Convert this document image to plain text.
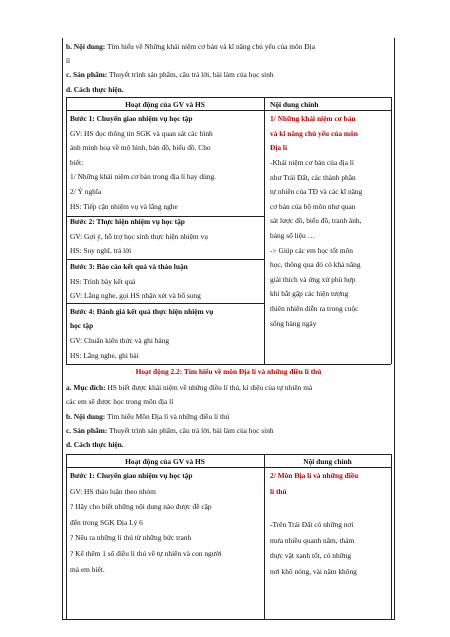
b. Nội dung: Tìm hiểu về Những khái niệm cơ bản và kĩ năng chủ yếu của môn Địa
lí
c. Sản phẩm: Thuyết trình sản phẩm, câu trả lời, bài làm của học sinh
d. Cách thực hiện.
Hoạt động của GV và HS	Nội dung chính
Bước 1: Chuyển giao nhiệm vụ học tập
GV: HS đọc thông tin SGK và quan sát các hình
ảnh minh hoạ về mô hình, bản đồ, biểu đồ. Cho
biết:
1/ Những khái niệm cơ bản trong địa lí hay dùng.
2/ Ý nghĩa
HS: Tiếp cận nhiệm vụ và lắng nghe
Bước 2: Thực hiện nhiệm vụ học tập
GV: Gợi ý, hỗ trợ học sinh thực hiện nhiệm vụ
HS: Suy nghĩ, trả lời
Bước 3: Báo cáo kết quả và thảo luận
HS: Trình bày kết quả
GV: Lắng nghe, gọi HS nhận xét và bổ sung
Bước 4: Đánh giá kết quả thực hiện nhiệm vụ
học tập
GV: Chuẩn kiến thức và ghi bảng
HS: Lắng nghe, ghi bài
1/ Những khái niệm cơ bản
và kĩ năng chủ yếu của môn
Địa lí
-Khái niệm cơ bản của địa lí
như Trái Đất, các thành phần
tự nhiên của TĐ và các kĩ năng
cơ bản của bộ môn như quan
sát lược đồ, biểu đồ, tranh ảnh,
bảng số liệu …
-> Giúp các em học tốt môn
học, thông qua đó có khả năng
giải thích và ứng xử phù hợp
khi bắt gặp các hiện tượng
thiên nhiên diễn ra trong cuộc
sống hàng ngày
Hoạt động 2.2: Tìm hiểu về môn Địa lí và những điều lí thú
a. Mục đích: HS biết được khái niệm về những điều lí thú, kì diệu của tự nhiên mà
các em sẽ được học trong môn địa lí
b. Nội dung: Tìm hiểu Môn Địa lí và những điều lí thú
c. Sản phẩm: Thuyết trình sản phẩm, câu trả lời, bài làm của học sinh
d. Cách thực hiện.
Hoạt động của GV và HS	Nội dung chính
Bước 1: Chuyển giao nhiệm vụ học tập
GV: HS thảo luận theo nhóm
? Hãy cho biết những nội dung nào được đề cập
đến trong SGK Địa Lý 6
? Nêu ra những lí thú từ những bức tranh
? Kể thêm 1 số điều lí thú về tự nhiên và con người
mà em biết.
2/ Môn Địa lí và những điều
lí thú
-Trên Trái Đất có những nơi
mưa nhiều quanh năm, thảm
thực vật xanh tốt, có những
nơi khô nóng, vài năm không
